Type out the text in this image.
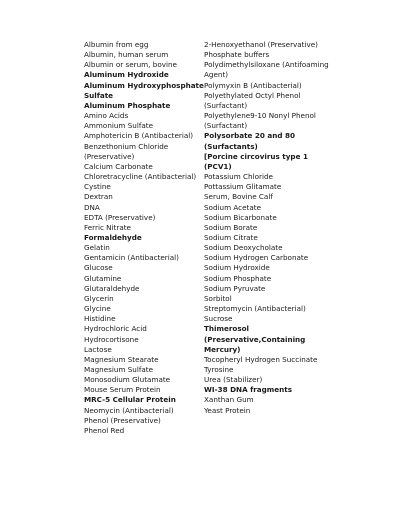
Albumin from egg
Albumin, human serum
Albumin or serum, bovine
Aluminum Hydroxide
Aluminum Hydroxyphosphate Sulfate
Aluminum Phosphate
Amino Acids
Ammonium Sulfate
Amphotericin B (Antibacterial)
Benzethonium Chloride (Preservative)
Calcium Carbonate
Chloretracycline (Antibacterial)
Cystine
Dextran
DNA
EDTA (Preservative)
Ferric Nitrate
Formaldehyde
Gelatin
Gentamicin (Antibacterial)
Glucose
Glutamine
Glutaraldehyde
Glycerin
Glycine
Histidine
Hydrochloric Acid
Hydrocortisone
Lactose
Magnesium Stearate
Magnesium Sulfate
Monosodium Glutamate
Mouse Serum Protein
MRC-5 Cellular Protein
Neomycin (Antibacterial)
Phenol (Preservative)
Phenol Red
2-Henoxyethanol (Preservative)
Phosphate buffers
Polydimethylsiloxane (Antifoaming Agent)
Polymyxin B (Antibacterial)
Polyethylated Octyl Phenol (Surfactant)
Polyethylene9-10 Nonyl Phenol (Surfactant)
Polysorbate 20 and 80 (Surfactants)
[Porcine circovirus type 1 (PCV1)
Potassium Chloride
Pottassium Glitamate
Serum, Bovine Calf
Sodium Acetate
Sodium Bicarbonate
Sodium Borate
Sodium Citrate
Sodium Deoxycholate
Sodium Hydrogen Carbonate
Sodium Hydroxide
Sodium Phosphate
Sodium Pyruvate
Sorbitol
Streptomycin (Antibacterial)
Sucrose
Thimerosol (Preservative,Containing Mercury)
Tocopheryl Hydrogen Succinate
Tyrosine
Urea (Stabilizer)
WI-38 DNA fragments
Xanthan Gum
Yeast Protein
